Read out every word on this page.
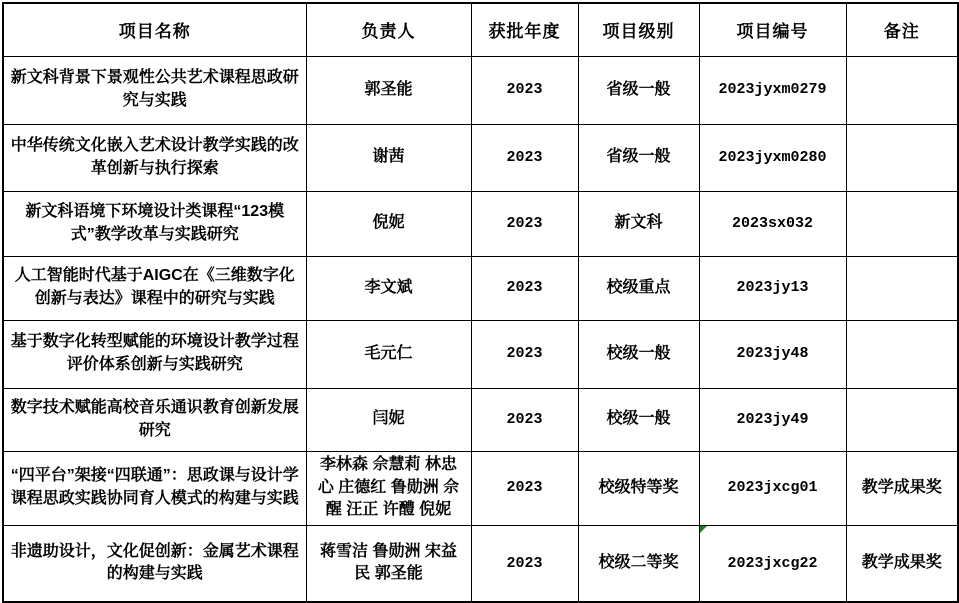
项目名称	负责人	获批年度	项目级别	项目编号	备注
新文科背景下景观性公共艺术课程思政研究与实践	郭圣能	2023	省级一般	2023jyxm0279	
中华传统文化嵌入艺术设计教学实践的改革创新与执行探索	谢茜	2023	省级一般	2023jyxm0280	
新文科语境下环境设计类课程“123模式”教学改革与实践研究	倪妮	2023	新文科	2023sx032	
人工智能时代基于AIGC在《三维数字化创新与表达》课程中的研究与实践	李文斌	2023	校级重点	2023jy13	
基于数字化转型赋能的环境设计教学过程评价体系创新与实践研究	毛元仁	2023	校级一般	2023jy48	
数字技术赋能高校音乐通识教育创新发展研究	闫妮	2023	校级一般	2023jy49	
“四平台”架接“四联通”：思政课与设计学课程思政实践协同育人模式的构建与实践	李林森 佘慧莉 林忠心 庄德红 鲁勋洲 佘醒 汪正 许醴 倪妮	2023	校级特等奖	2023jxcg01	教学成果奖
非遗助设计，文化促创新：金属艺术课程的构建与实践	蒋雪洁 鲁勋洲 宋益民 郭圣能	2023	校级二等奖	2023jxcg22	教学成果奖
